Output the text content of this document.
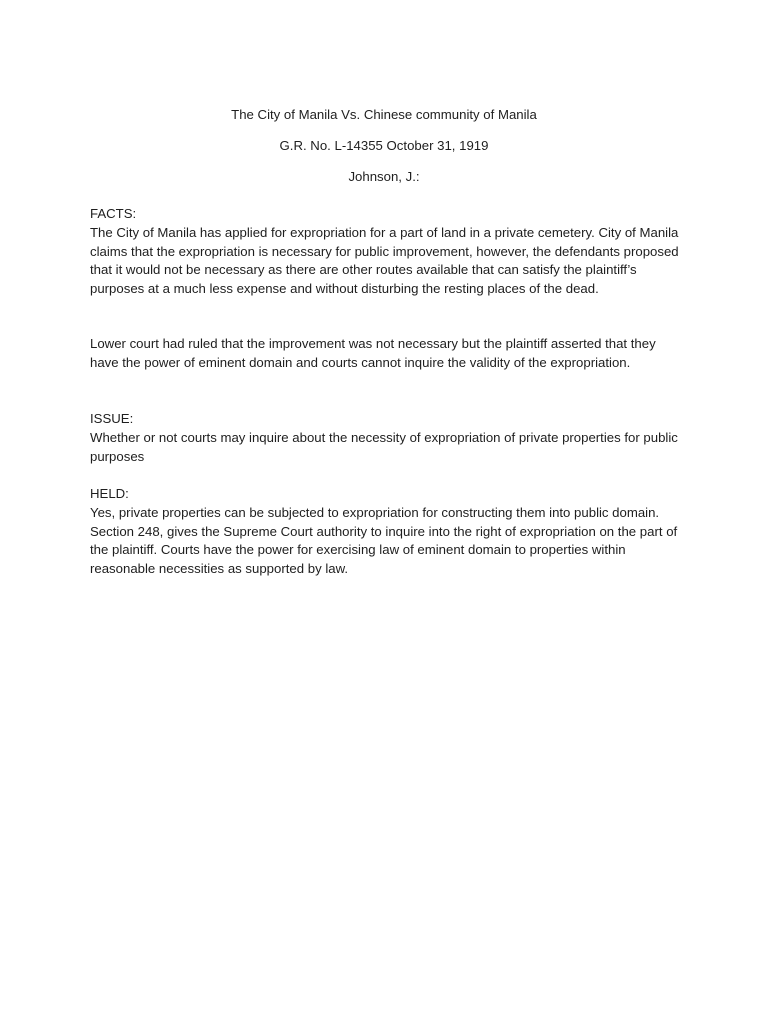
The City of Manila Vs. Chinese community of Manila

G.R. No. L-14355 October 31, 1919

Johnson, J.:

FACTS:

The City of Manila has applied for expropriation for a part of land in a private cemetery. City of Manila claims that the expropriation is necessary for public improvement, however, the defendants proposed that it would not be necessary as there are other routes available that can satisfy the plaintiff’s purposes at a much less expense and without disturbing the resting places of the dead.

Lower court had ruled that the improvement was not necessary but the plaintiff asserted that they have the power of eminent domain and courts cannot inquire the validity of the expropriation.

ISSUE:

Whether or not courts may inquire about the necessity of expropriation of private properties for public purposes

HELD:

Yes, private properties can be subjected to expropriation for constructing them into public domain. Section 248, gives the Supreme Court authority to inquire into the right of expropriation on the part of the plaintiff. Courts have the power for exercising law of eminent domain to properties within reasonable necessities as supported by law.
